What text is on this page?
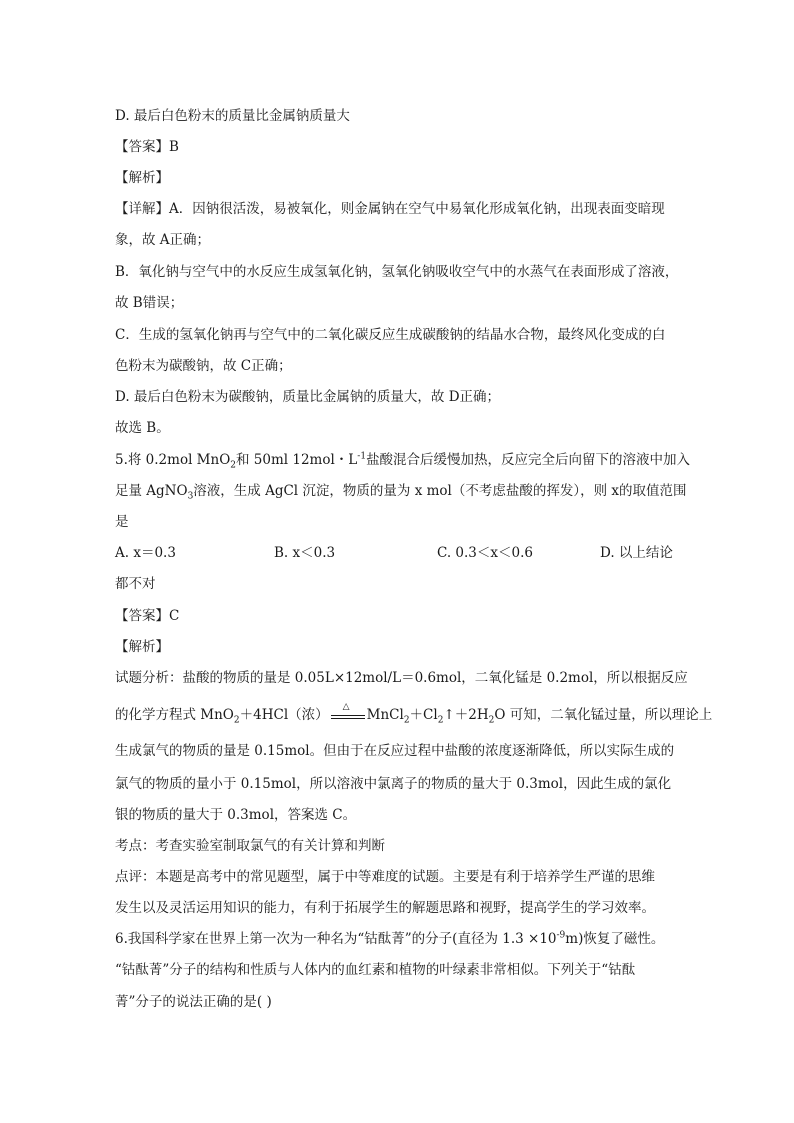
D. 最后白色粉末的质量比金属钠质量大
【答案】B
【解析】
【详解】A．因钠很活泼，易被氧化，则金属钠在空气中易氧化形成氧化钠，出现表面变暗现
象，故 A正确；
B．氧化钠与空气中的水反应生成氢氧化钠，氢氧化钠吸收空气中的水蒸气在表面形成了溶液，
故 B错误；
C．生成的氢氧化钠再与空气中的二氧化碳反应生成碳酸钠的结晶水合物，最终风化变成的白
色粉末为碳酸钠，故 C正确；
D. 最后白色粉末为碳酸钠，质量比金属钠的质量大，故 D正确；
故选 B。
5.将 0.2mol MnO$_2$和 50ml 12mol・$L^{-1}$盐酸混合后缓慢加热，反应完全后向留下的溶液中加入
足量 AgNO$_3$溶液，生成 AgCl 沉淀，物质的量为 x mol（不考虑盐酸的挥发），则 x的取值范围
是
A. x＝0.3	B. x＜0.3	C. 0.3＜x＜0.6	D. 以上结论
都不对
【答案】C
【解析】
试题分析：盐酸的物质的量是 0.05L×12mol/L＝0.6mol，二氧化锰是 0.2mol，所以根据反应
的化学方程式 MnO$_2$＋4HCl（浓）
△
$MnCl_2+Cl_2↑+2H_2O$ 可知，二氧化锰过量，所以理论上
生成氯气的物质的量是 0.15mol。但由于在反应过程中盐酸的浓度逐渐降低，所以实际生成的
氯气的物质的量小于 0.15mol，所以溶液中氯离子的物质的量大于 0.3mol，因此生成的氯化
银的物质的量大于 0.3mol，答案选 C。
考点：考查实验室制取氯气的有关计算和判断
点评：本题是高考中的常见题型，属于中等难度的试题。主要是有利于培养学生严谨的思维
发生以及灵活运用知识的能力，有利于拓展学生的解题思路和视野，提高学生的学习效率。
6.我国科学家在世界上第一次为一种名为“钴酞菁”的分子(直径为 $1.3 \times 10^{-9}m$)恢复了磁性。
“钴酞菁”分子的结构和性质与人体内的血红素和植物的叶绿素非常相似。下列关于“钴酞
菁”分子的说法正确的是( )
